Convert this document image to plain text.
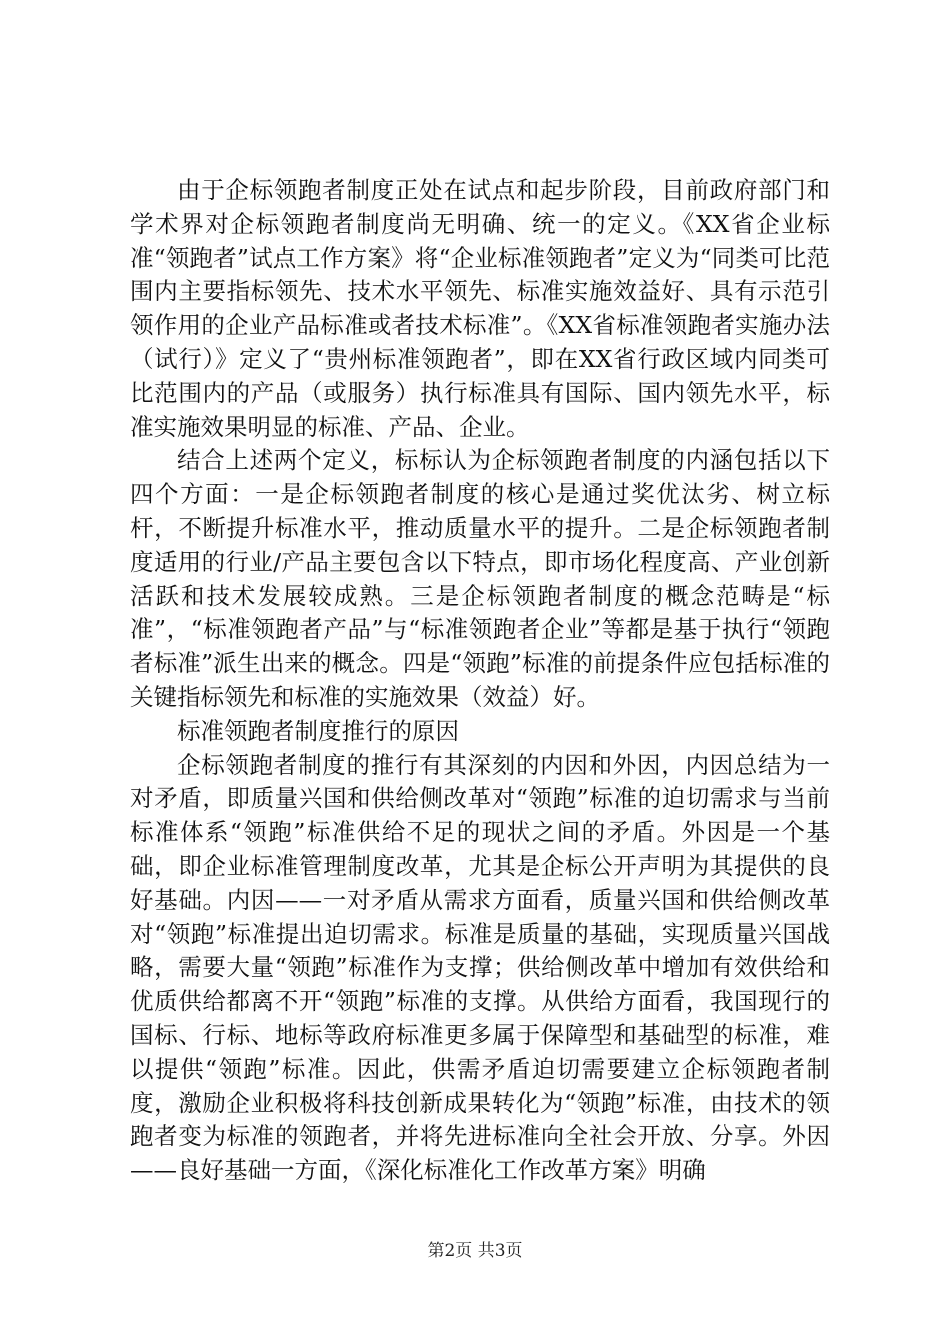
由于企标领跑者制度正处在试点和起步阶段，目前政府部门和学术界对企标领跑者制度尚无明确、统一的定义。《XX省企业标准“领跑者”试点工作方案》将“企业标准领跑者”定义为“同类可比范围内主要指标领先、技术水平领先、标准实施效益好、具有示范引领作用的企业产品标准或者技术标准”。《XX省标准领跑者实施办法（试行）》定义了“贵州标准领跑者”，即在XX省行政区域内同类可比范围内的产品（或服务）执行标准具有国际、国内领先水平，标准实施效果明显的标准、产品、企业。

结合上述两个定义，标标认为企标领跑者制度的内涵包括以下四个方面：一是企标领跑者制度的核心是通过奖优汰劣、树立标杆，不断提升标准水平，推动质量水平的提升。二是企标领跑者制度适用的行业/产品主要包含以下特点，即市场化程度高、产业创新活跃和技术发展较成熟。三是企标领跑者制度的概念范畴是“标准”，“标准领跑者产品”与“标准领跑者企业”等都是基于执行“领跑者标准”派生出来的概念。四是“领跑”标准的前提条件应包括标准的关键指标领先和标准的实施效果（效益）好。

标准领跑者制度推行的原因

企标领跑者制度的推行有其深刻的内因和外因，内因总结为一对矛盾，即质量兴国和供给侧改革对“领跑”标准的迫切需求与当前标准体系“领跑”标准供给不足的现状之间的矛盾。外因是一个基础，即企业标准管理制度改革，尤其是企标公开声明为其提供的良好基础。内因——一对矛盾从需求方面看，质量兴国和供给侧改革对“领跑”标准提出迫切需求。标准是质量的基础，实现质量兴国战略，需要大量“领跑”标准作为支撑；供给侧改革中增加有效供给和优质供给都离不开“领跑”标准的支撑。从供给方面看，我国现行的国标、行标、地标等政府标准更多属于保障型和基础型的标准，难以提供“领跑”标准。因此，供需矛盾迫切需要建立企标领跑者制度，激励企业积极将科技创新成果转化为“领跑”标准，由技术的领跑者变为标准的领跑者，并将先进标准向全社会开放、分享。外因——良好基础一方面，《深化标准化工作改革方案》明确

第2页 共3页
